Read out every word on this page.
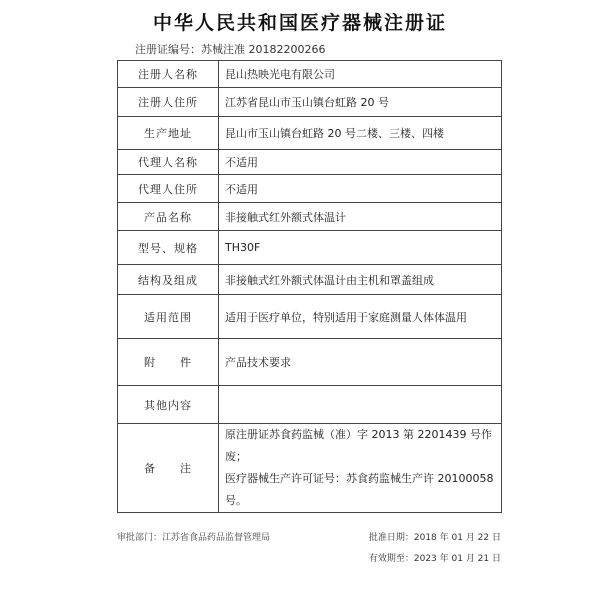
中华人民共和国医疗器械注册证
注册证编号：苏械注准 20182200266
注册人名称	昆山热映光电有限公司
注册人住所	江苏省昆山市玉山镇台虹路 20 号
生产地址	昆山市玉山镇台虹路 20 号二楼、三楼、四楼
代理人名称	不适用
代理人住所	不适用
产品名称	非接触式红外额式体温计
型号、规格	TH30F
结构及组成	非接触式红外额式体温计由主机和罩盖组成
适用范围	适用于医疗单位，特别适用于家庭测量人体体温用
附　　件	产品技术要求
其他内容	
备　　注	原注册证苏食药监械（准）字 2013 第 2201439 号作废；
医疗器械生产许可证号：苏食药监械生产许 20100058
号。
审批部门：江苏省食品药品监督管理局	批准日期：2018 年 01 月 22 日
有效期至：2023 年 01 月 21 日
